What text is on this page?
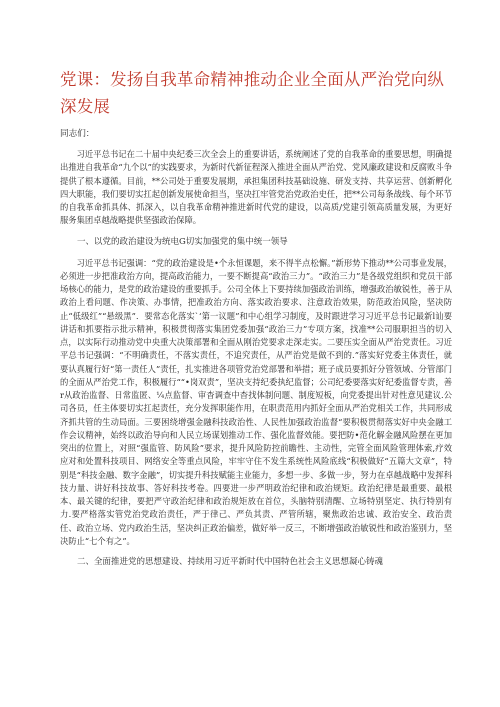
党课：发扬自我革命精神推动企业全面从严治党向纵深发展

同志们：

习近平总书记在二十届中央纪委三次全会上的重要讲话，系统阐述了党的自我革命的重要思想，明确提出推进自我革命“九个以”的实践要求，为新时代新征程深入推进全面从严治党、党风廉政建设和反腐败斗争提供了根本遵循。目前，**公司处于重要发展期，承担集团科技基础设施、研发支持、共享运营、创新孵化四大职能，我们要切实扛起创新发展使命担当，坚决扛牢管党治党政治史任，把**公司每条战线、每个环节的自我革命抓具体、抓深入，以自我革命精神推进新时代党的建设，以高质/党建引领高质量发展，为更好服务集团卓越战略提供坚强政治保障。

一、以党的政治建设为统电G切实加强党的集中统一领导

习近平总书记强调：“党的政治建设是•个永恒课题，来不得半点松懈。”新形势下推动**公司事业发展，必须进一步把准政治方向，提高政治能力，一要不断提高“政治三力”。“政治三力”是各级党组织和党员干部场核心的能力，是党的政治建设的重要抓手。公司全体上下要持续加强政治训练，增强政治敏锐性，善于从政治上看问题、作决策、办事情，把准政治方向、落实政治要求、注意政治效果，防范政治风险，坚决防止“低级红”“悬级黑”．要常态化落实`‘第一议题”和中心组学习制度，及时跟进学习习近平总书记最新l讪要讲话和抓要指示批示精神，积极贯彻落实集团党委加强“政治三力”专项方案，找准**公司服职担当的切入点，以实际行动推动党中央重大决策部署和全面从刚治党要求走深走实。二要压实全面从严治党责任。习近平总书记强调：“不明确责任，不落实责任，不追究责任，从严治党是做不到的.”落实好党委主体责任，就要认真履行好“第一责任人”责任，扎实推进各项管党治党部署和举措；班子成员要抓好分管领域、分管部门的全面从严治党工作，积极履行““•岗双责”，坚决支持纪委执纪监督；公司纪委要落实好纪委监督专责，善r从政治监督、日常监匿、¼点监督、审杳调查中杳找体制问题、制度短板，向党委提出针对性意见建议.公司各员，任主体要切实扛起责任，充分发挥职能作用，在职责范用内抓好全面从严治党相关工作，共同形成齐抓共管的生动局面。三要困绕增强金融科技政治性、人民性加强政治监督“要积极贯彻落实好中央金融工作会议精神，始终以政治导向和人民立场谋划推动工作、强化监督效能。要把防•范化解金融风险摆在更加突出的位置上，对照“强监管、防风险”要求，提升风险防控前瞻性、主动性，完管全面风险管理体索,疗效应对和处置科技项目、网络安全等重点风险，牢牢守住不发生系统性风险底线“积极做好“五篇大文章”，特别是“科技金融、数字金融”，切实提升科技赋能主业能力，多想一步、多做一步，努力在卓越战略中发挥科技力量、讲好科技故事、答好科技考卷。四要进一步严明政治纪律和政治规矩。政治纪律是最重要、最根本、最关键的纪律，要把严守政治纪律和政治规矩放在首位，头脑特别清醒、立场特别坚定、执行特别有力.要严格落实管党治党政治责任，严于律己、严负其责、严管所辖，聚焦政治忠诚、政治安全、政治责任、政治立场、党内政治生活，坚决纠正政治偏差，做好举一反三，不断增强政治敏锐性和政治鉴别力，坚决防止“七个有之”。

二、全面推进党的思想建设、持续用习近平新时代中国特色社会主义思想凝心铸魂
